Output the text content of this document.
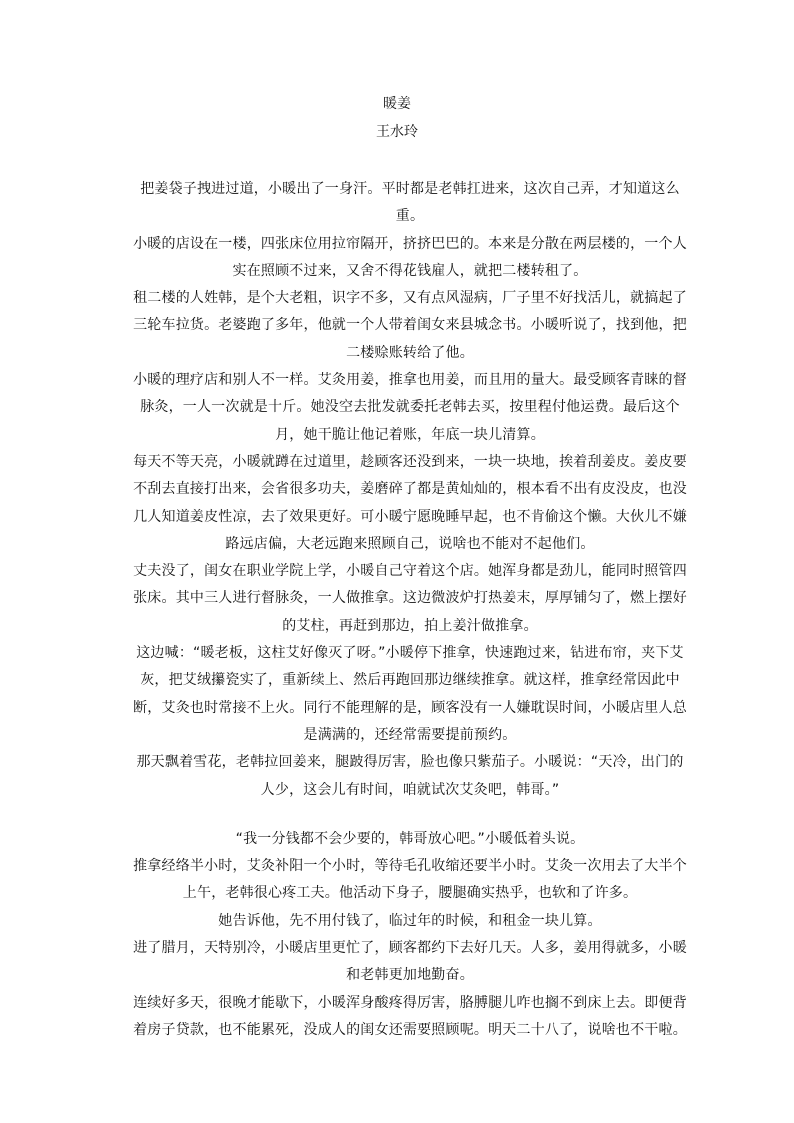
暖姜
王水玲

把姜袋子拽进过道，小暖出了一身汗。平时都是老韩扛进来，这次自己弄，才知道这么重。

小暖的店设在一楼，四张床位用拉帘隔开，挤挤巴巴的。本来是分散在两层楼的，一个人实在照顾不过来，又舍不得花钱雇人，就把二楼转租了。

租二楼的人姓韩，是个大老粗，识字不多，又有点风湿病，厂子里不好找活儿，就搞起了三轮车拉货。老婆跑了多年，他就一个人带着闺女来县城念书。小暖听说了，找到他，把二楼赊账转给了他。

小暖的理疗店和别人不一样。艾灸用姜，推拿也用姜，而且用的量大。最受顾客青睐的督脉灸，一人一次就是十斤。她没空去批发就委托老韩去买，按里程付他运费。最后这个月，她干脆让他记着账，年底一块儿清算。

每天不等天亮，小暖就蹲在过道里，趁顾客还没到来，一块一块地，挨着刮姜皮。姜皮要不刮去直接打出来，会省很多功夫，姜磨碎了都是黄灿灿的，根本看不出有皮没皮，也没几人知道姜皮性凉，去了效果更好。可小暖宁愿晚睡早起，也不肯偷这个懒。大伙儿不嫌路远店偏，大老远跑来照顾自己，说啥也不能对不起他们。

丈夫没了，闺女在职业学院上学，小暖自己守着这个店。她浑身都是劲儿，能同时照管四张床。其中三人进行督脉灸，一人做推拿。这边微波炉打热姜末，厚厚铺匀了，燃上摆好的艾柱，再赶到那边，拍上姜汁做推拿。

这边喊：“暖老板，这柱艾好像灭了呀。”小暖停下推拿，快速跑过来，钻进布帘，夹下艾灰，把艾绒攥瓷实了，重新续上、然后再跑回那边继续推拿。就这样，推拿经常因此中断，艾灸也时常接不上火。同行不能理解的是，顾客没有一人嫌耽误时间，小暖店里人总是满满的，还经常需要提前预约。

那天飘着雪花，老韩拉回姜来，腿跛得厉害，脸也像只紫茄子。小暖说：“天冷，出门的人少，这会儿有时间，咱就试次艾灸吧，韩哥。”

“我一分钱都不会少要的，韩哥放心吧。”小暖低着头说。

推拿经络半小时，艾灸补阳一个小时，等待毛孔收缩还要半小时。艾灸一次用去了大半个上午，老韩很心疼工夫。他活动下身子，腰腿确实热乎，也软和了许多。

她告诉他，先不用付钱了，临过年的时候，和租金一块儿算。

进了腊月，天特别冷，小暖店里更忙了，顾客都约下去好几天。人多，姜用得就多，小暖和老韩更加地勤奋。

连续好多天，很晚才能歇下，小暖浑身酸疼得厉害，胳膊腿儿咋也搁不到床上去。即便背着房子贷款，也不能累死，没成人的闺女还需要照顾呢。明天二十八了，说啥也不干啦。
